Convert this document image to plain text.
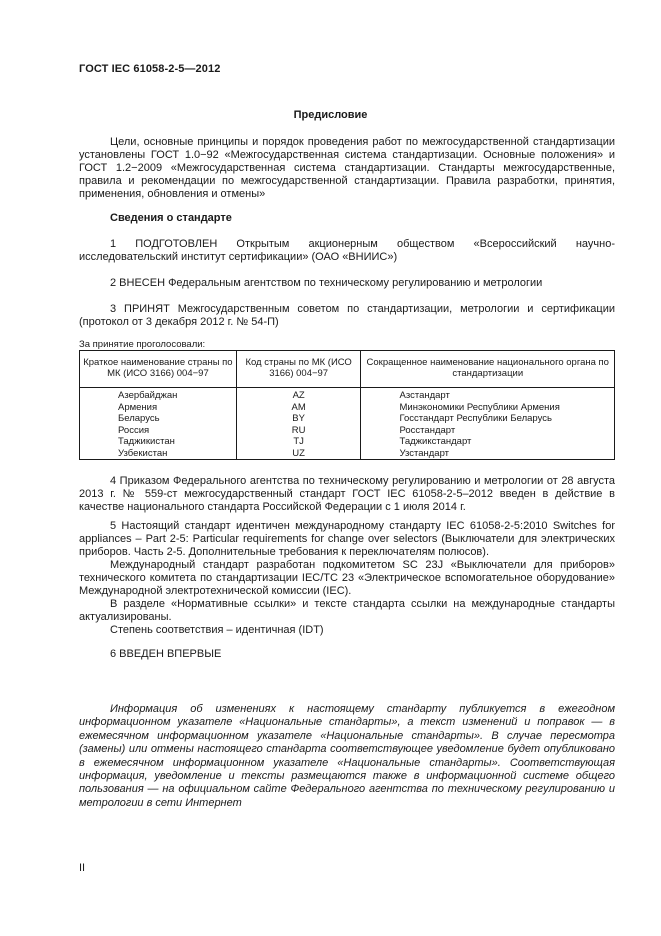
ГОСТ IEC 61058-2-5—2012
Предисловие

Цели, основные принципы и порядок проведения работ по межгосударственной стандартизации установлены ГОСТ 1.0−92 «Межгосударственная система стандартизации. Основные положения» и ГОСТ 1.2−2009 «Межгосударственная система стандартизации. Стандарты межгосударственные, правила и рекомендации по межгосударственной стандартизации. Правила разработки, принятия, применения, обновления и отмены»

Сведения о стандарте

1 ПОДГОТОВЛЕН Открытым акционерным обществом «Всероссийский научно-исследовательский институт сертификации» (ОАО «ВНИИС»)

2 ВНЕСЕН Федеральным агентством по техническому регулированию и метрологии

3 ПРИНЯТ Межгосударственным советом по стандартизации, метрологии и сертификации (протокол от 3 декабря 2012 г. № 54-П)

За принятие проголосовали:
Краткое наименование страны по МК (ИСО 3166) 004−97	Код страны по МК (ИСО 3166) 004−97	Сокращенное наименование национального органа по стандартизации
Азербайджан	AZ	Азстандарт
Армения	AM	Минэкономики Республики Армения
Беларусь	BY	Госстандарт Республики Беларусь
Россия	RU	Росстандарт
Таджикистан	TJ	Таджикстандарт
Узбекистан	UZ	Узстандарт

4 Приказом Федерального агентства по техническому регулированию и метрологии от 28 августа 2013 г. № 559-ст межгосударственный стандарт ГОСТ IEC 61058-2-5–2012 введен в действие в качестве национального стандарта Российской Федерации с 1 июля 2014 г.

5 Настоящий стандарт идентичен международному стандарту IEC 61058-2-5:2010 Switches for appliances – Part 2-5: Particular requirements for change over selectors (Выключатели для электрических приборов. Часть 2-5. Дополнительные требования к переключателям полюсов).

Международный стандарт разработан подкомитетом SC 23J «Выключатели для приборов» технического комитета по стандартизации IEC/TC 23 «Электрическое вспомогательное оборудование» Международной электротехнической комиссии (IEC).

В разделе «Нормативные ссылки» и тексте стандарта ссылки на международные стандарты актуализированы.

Степень соответствия – идентичная (IDT)

6 ВВЕДЕН ВПЕРВЫЕ

Информация об изменениях к настоящему стандарту публикуется в ежегодном информационном указателе «Национальные стандарты», а текст изменений и поправок — в ежемесячном информационном указателе «Национальные стандарты». В случае пересмотра (замены) или отмены настоящего стандарта соответствующее уведомление будет опубликовано в ежемесячном информационном указателе «Национальные стандарты». Соответствующая информация, уведомление и тексты размещаются также в информационной системе общего пользования — на официальном сайте Федерального агентства по техническому регулированию и метрологии в сети Интернет

II
